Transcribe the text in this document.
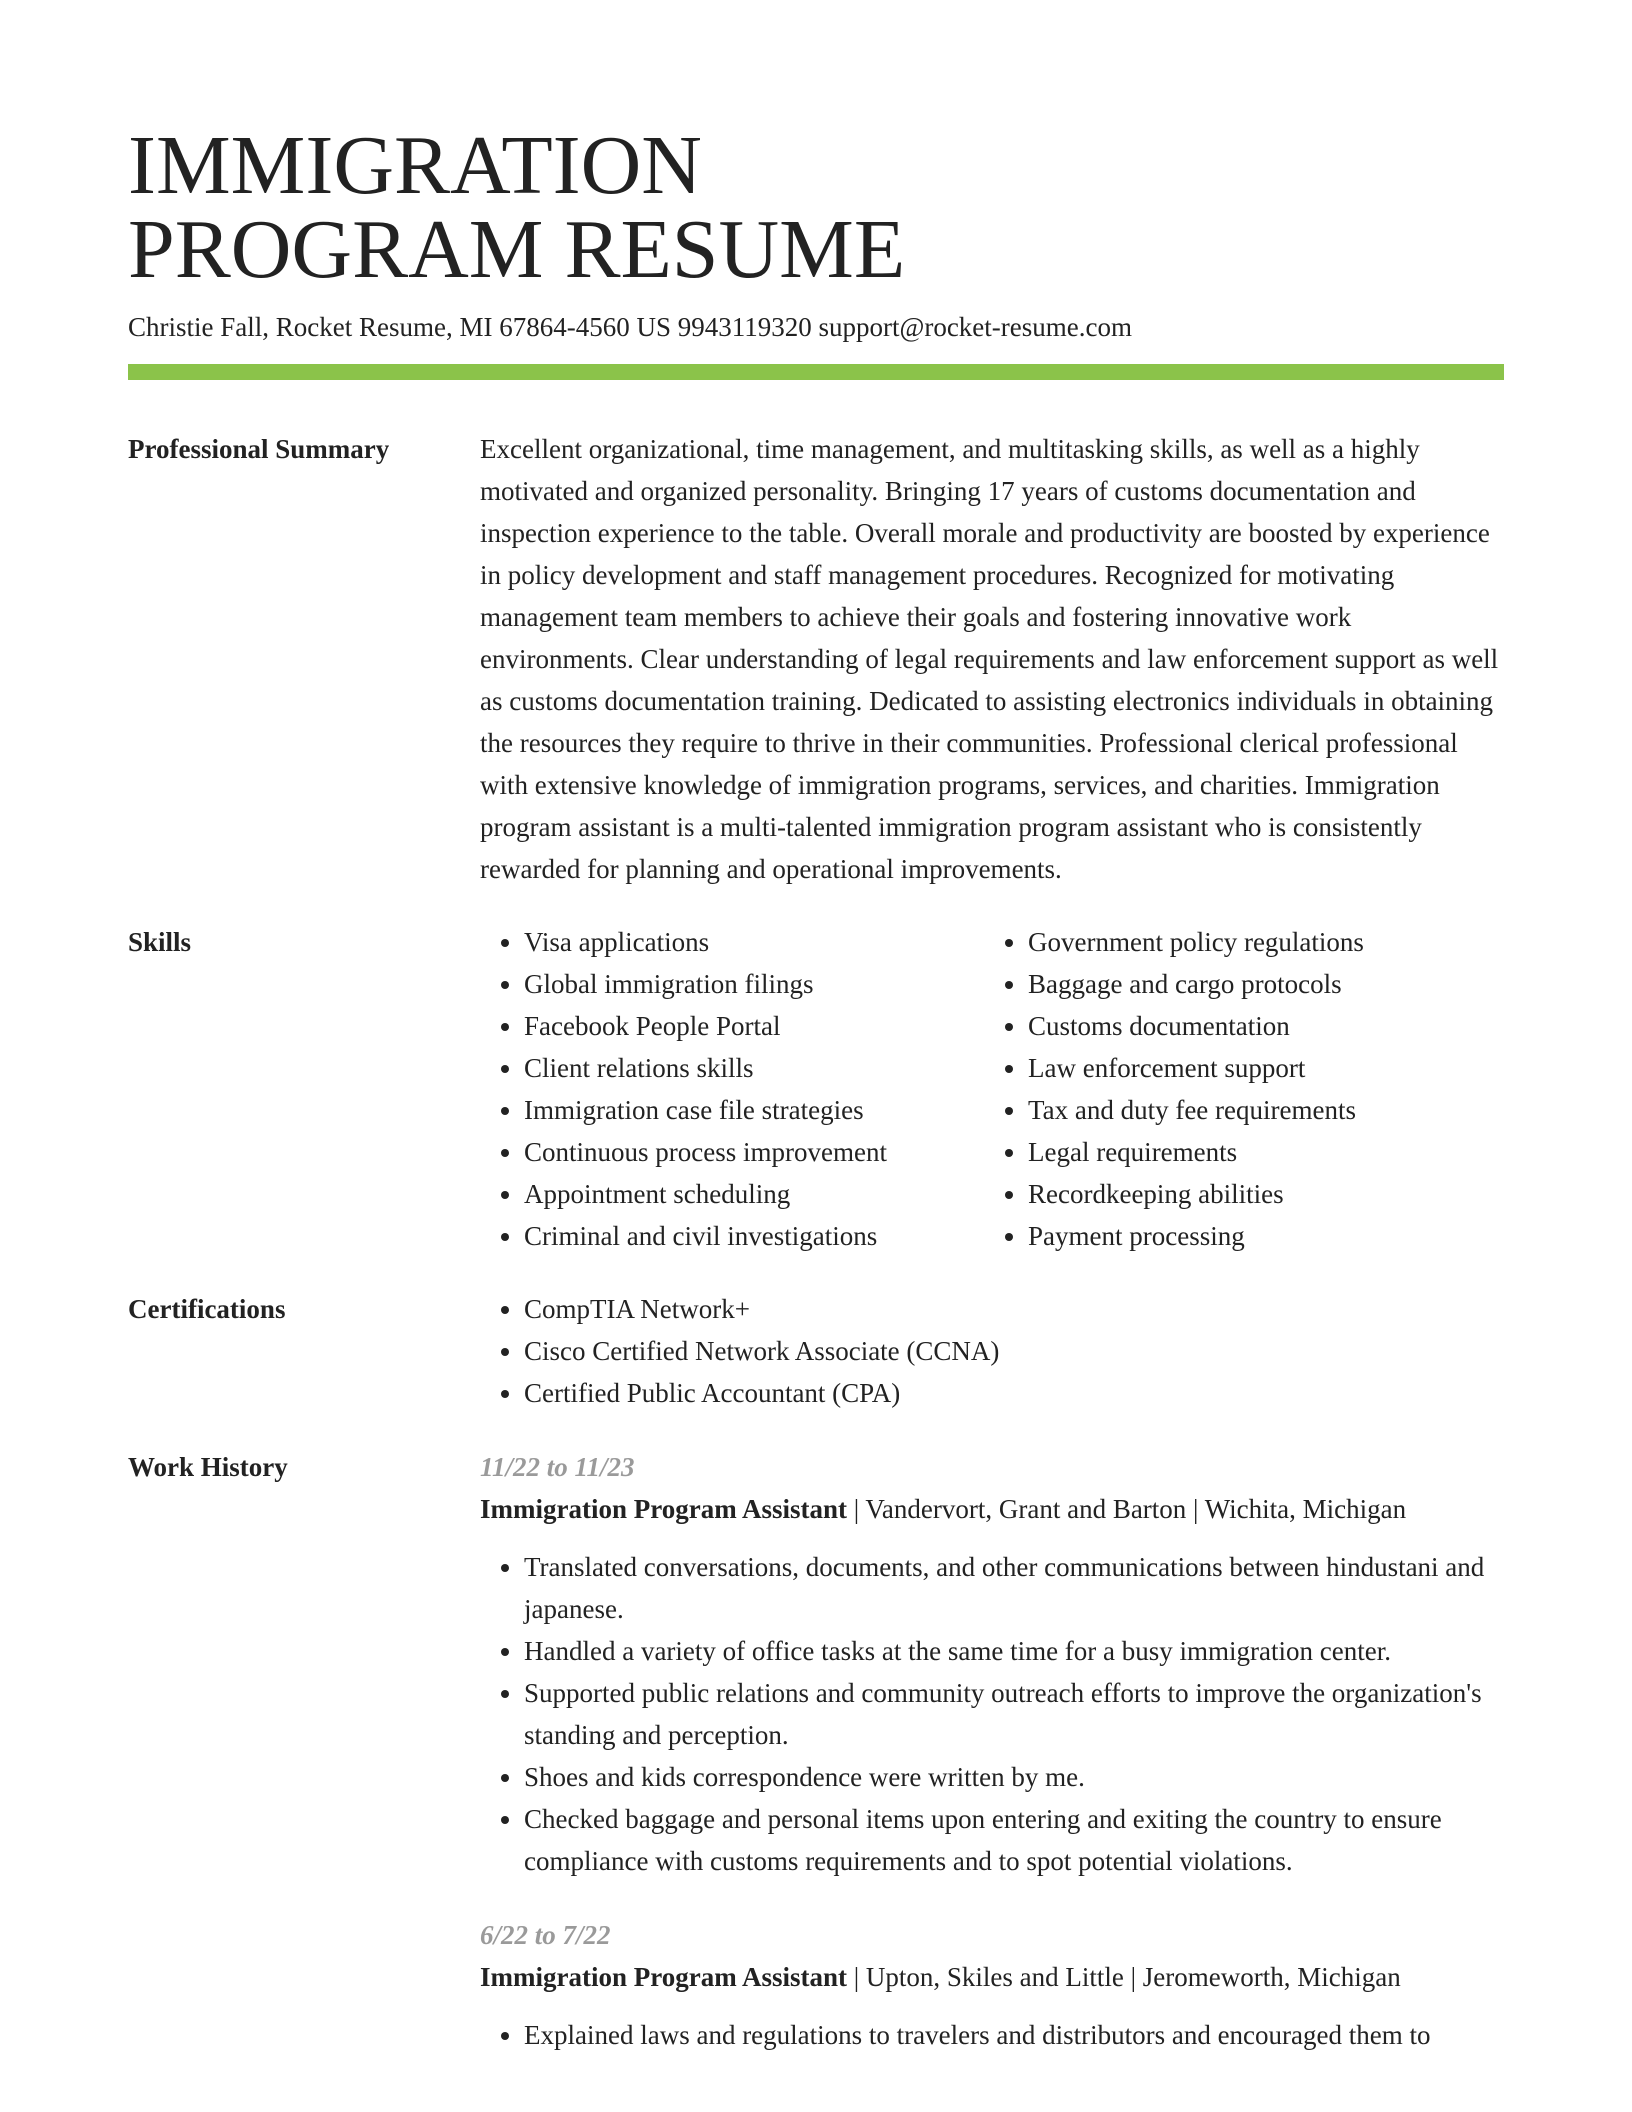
IMMIGRATION
PROGRAM RESUME
Christie Fall, Rocket Resume, MI 67864-4560 US 9943119320 support@rocket-resume.com
Professional Summary	Excellent organizational, time management, and multitasking skills, as well as a highly motivated and organized personality. Bringing 17 years of customs documentation and inspection experience to the table. Overall morale and productivity are boosted by experience in policy development and staff management procedures. Recognized for motivating management team members to achieve their goals and fostering innovative work environments. Clear understanding of legal requirements and law enforcement support as well as customs documentation training. Dedicated to assisting electronics individuals in obtaining the resources they require to thrive in their communities. Professional clerical professional with extensive knowledge of immigration programs, services, and charities. Immigration program assistant is a multi-talented immigration program assistant who is consistently rewarded for planning and operational improvements.

Skills	• Visa applications
• Global immigration filings
• Facebook People Portal
• Client relations skills
• Immigration case file strategies
• Continuous process improvement
• Appointment scheduling
• Criminal and civil investigations
• Government policy regulations
• Baggage and cargo protocols
• Customs documentation
• Law enforcement support
• Tax and duty fee requirements
• Legal requirements
• Recordkeeping abilities
• Payment processing
Certifications	• CompTIA Network+
• Cisco Certified Network Associate (CCNA)
• Certified Public Accountant (CPA)
Work History	11/22 to 11/23
Immigration Program Assistant | Vandervort, Grant and Barton | Wichita, Michigan
• Translated conversations, documents, and other communications between hindustani and japanese.
• Handled a variety of office tasks at the same time for a busy immigration center.
• Supported public relations and community outreach efforts to improve the organization's standing and perception.
• Shoes and kids correspondence were written by me.
• Checked baggage and personal items upon entering and exiting the country to ensure compliance with customs requirements and to spot potential violations.
6/22 to 7/22
Immigration Program Assistant | Upton, Skiles and Little | Jeromeworth, Michigan
• Explained laws and regulations to travelers and distributors and encouraged them to
